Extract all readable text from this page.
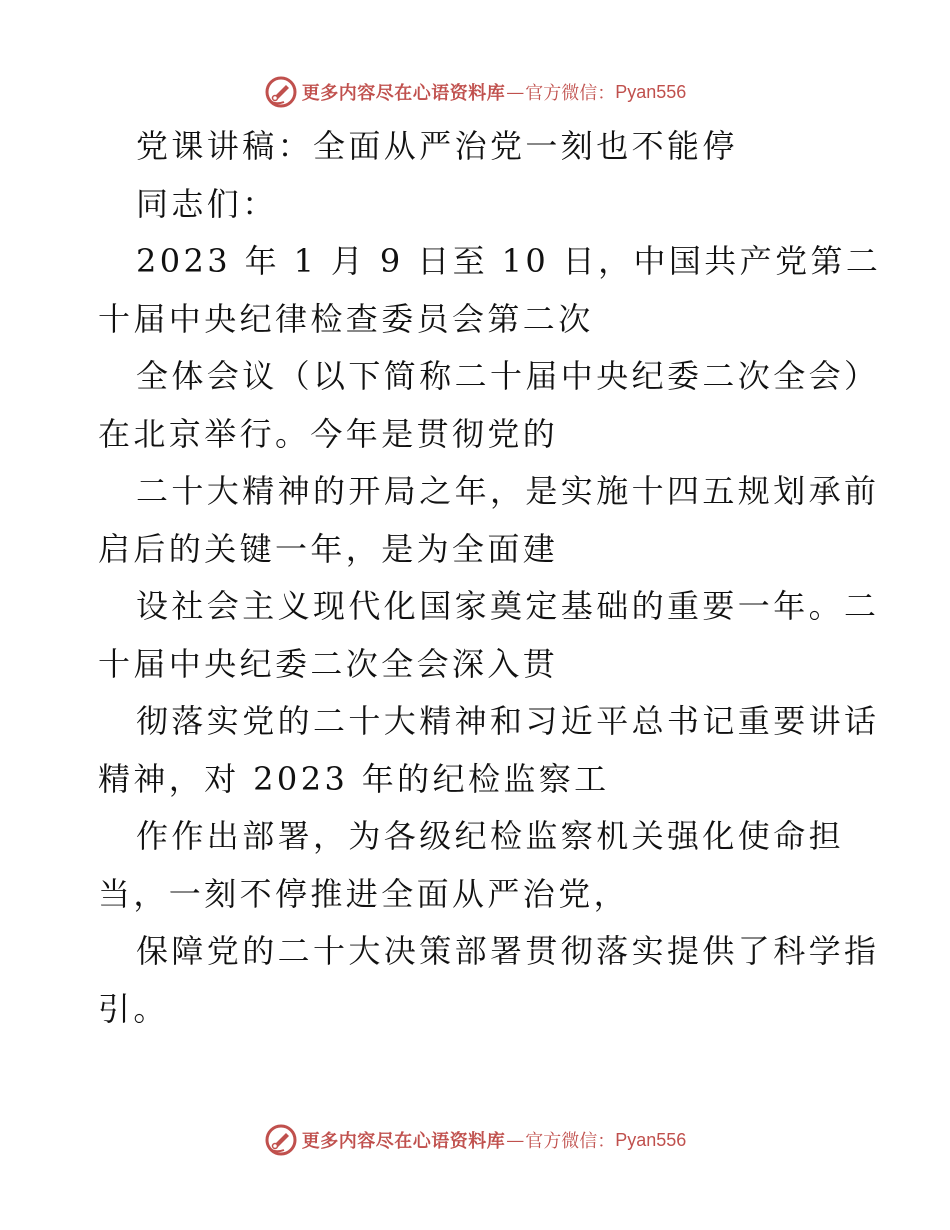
更多内容尽在心语资料库 — 官方微信： Pyan556
党课讲稿：全面从严治党一刻也不能停
同志们：
2023 年 1 月 9 日至 10 日，中国共产党第二
十届中央纪律检查委员会第二次
全体会议（以下简称二十届中央纪委二次全会）
在北京举行。今年是贯彻党的
二十大精神的开局之年，是实施十四五规划承前
启后的关键一年，是为全面建
设社会主义现代化国家奠定基础的重要一年。二
十届中央纪委二次全会深入贯
彻落实党的二十大精神和习近平总书记重要讲话
精神，对 2023 年的纪检监察工
作作出部署，为各级纪检监察机关强化使命担
当，一刻不停推进全面从严治党，
保障党的二十大决策部署贯彻落实提供了科学指
引。
更多内容尽在心语资料库 — 官方微信： Pyan556
